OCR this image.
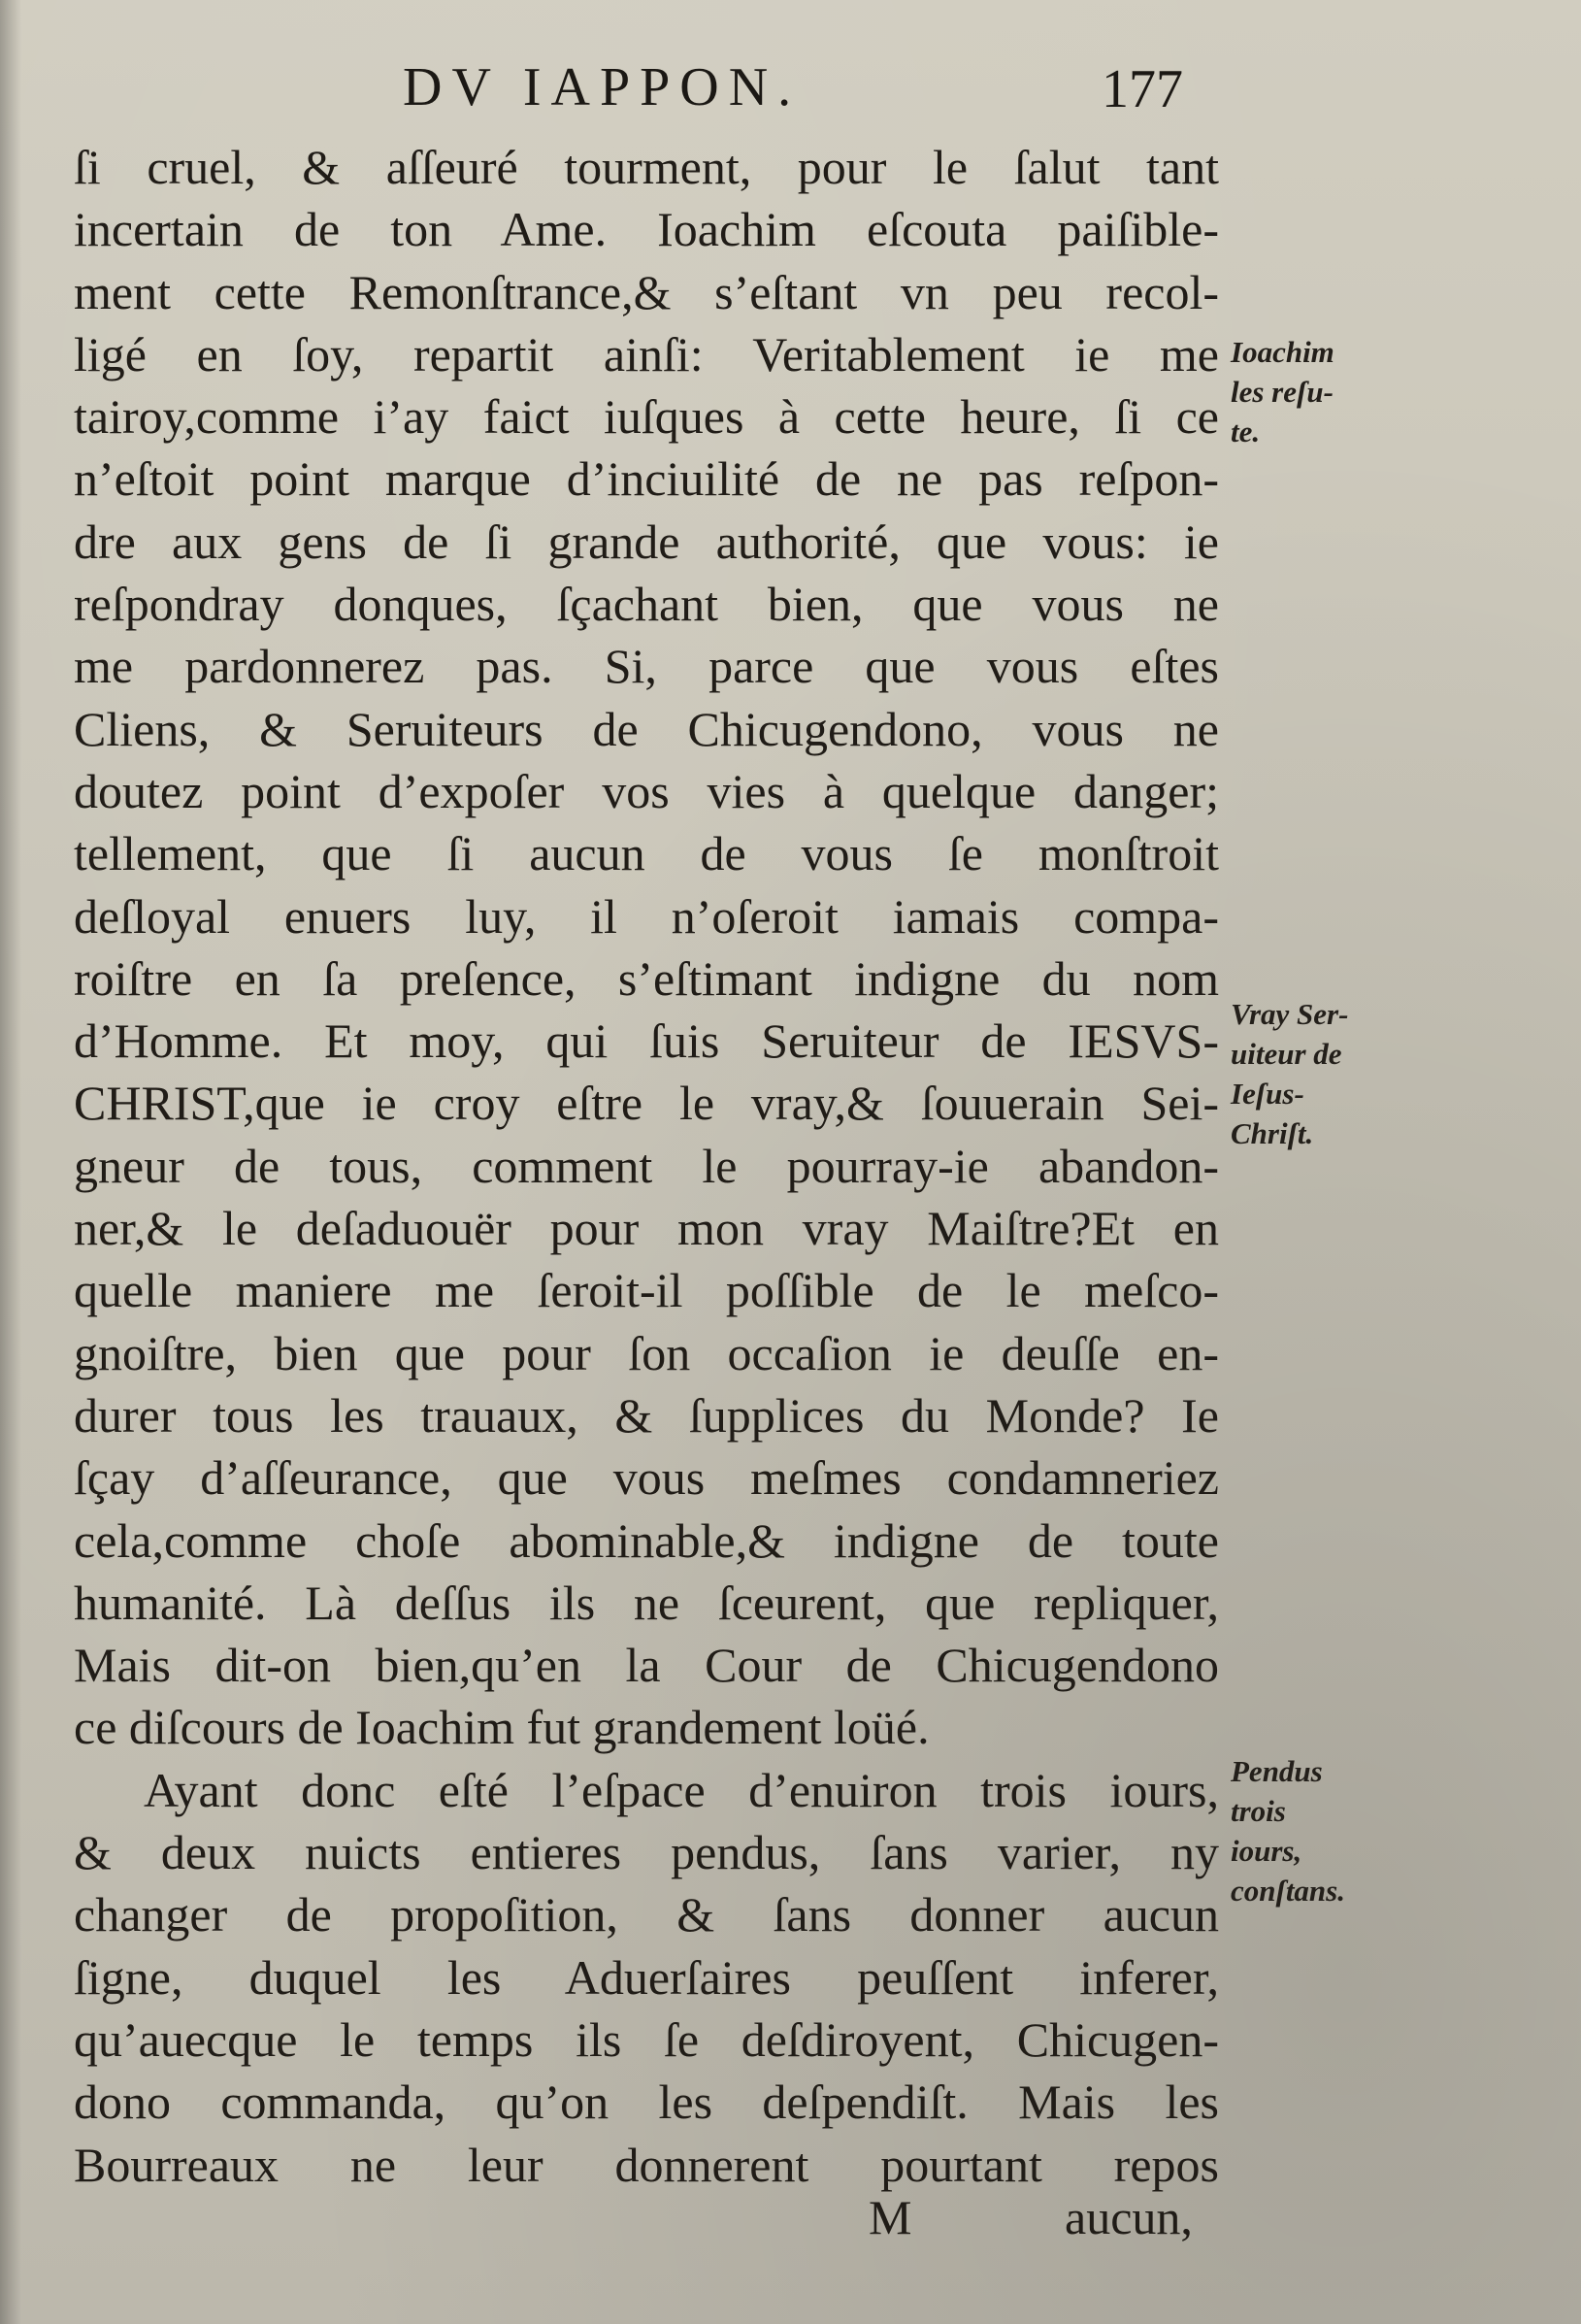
DV IAPPON.	177
ſi cruel, & aſſeuré tourment, pour le ſalut tant
incertain de ton Ame. Ioachim eſcouta paiſible-
ment cette Remonſtrance,& s’eſtant vn peu recol-
ligé en ſoy, repartit ainſi: Veritablement ie me
tairoy,comme i’ay faict iuſques à cette heure, ſi ce
n’eſtoit point marque d’inciuilité de ne pas reſpon-
dre aux gens de ſi grande authorité, que vous: ie
reſpondray donques, ſçachant bien, que vous ne
me pardonnerez pas. Si, parce que vous eſtes
Cliens, & Seruiteurs de Chicugendono, vous ne
doutez point d’expoſer vos vies à quelque danger;
tellement, que ſi aucun de vous ſe monſtroit
deſloyal enuers luy, il n’oſeroit iamais compa-
roiſtre en ſa preſence, s’eſtimant indigne du nom
d’Homme. Et moy, qui ſuis Seruiteur de IESVS-
CHRIST,que ie croy eſtre le vray,& ſouuerain Sei-
gneur de tous, comment le pourray-ie abandon-
ner,& le deſaduouër pour mon vray Maiſtre?Et en
quelle maniere me ſeroit-il poſſible de le meſco-
gnoiſtre, bien que pour ſon occaſion ie deuſſe en-
durer tous les trauaux, & ſupplices du Monde? Ie
ſçay d’aſſeurance, que vous meſmes condamneriez
cela,comme choſe abominable,& indigne de toute
humanité. Là deſſus ils ne ſceurent, que repliquer,
Mais dit-on bien,qu’en la Cour de Chicugendono
ce diſcours de Ioachim fut grandement loüé.
Ayant donc eſté l’eſpace d’enuiron trois iours,
& deux nuicts entieres pendus, ſans varier, ny
changer de propoſition, & ſans donner aucun
ſigne, duquel les Aduerſaires peuſſent inferer,
qu’auecque le temps ils ſe deſdiroyent, Chicugen-
dono commanda, qu’on les deſpendiſt. Mais les
Bourreaux ne leur donnerent pourtant repos
Ioachim
les reſu-
te.
Vray Ser-
uiteur de
Ieſus-
Chriſt.
Pendus
trois
iours,
conſtans.
M	aucun,
